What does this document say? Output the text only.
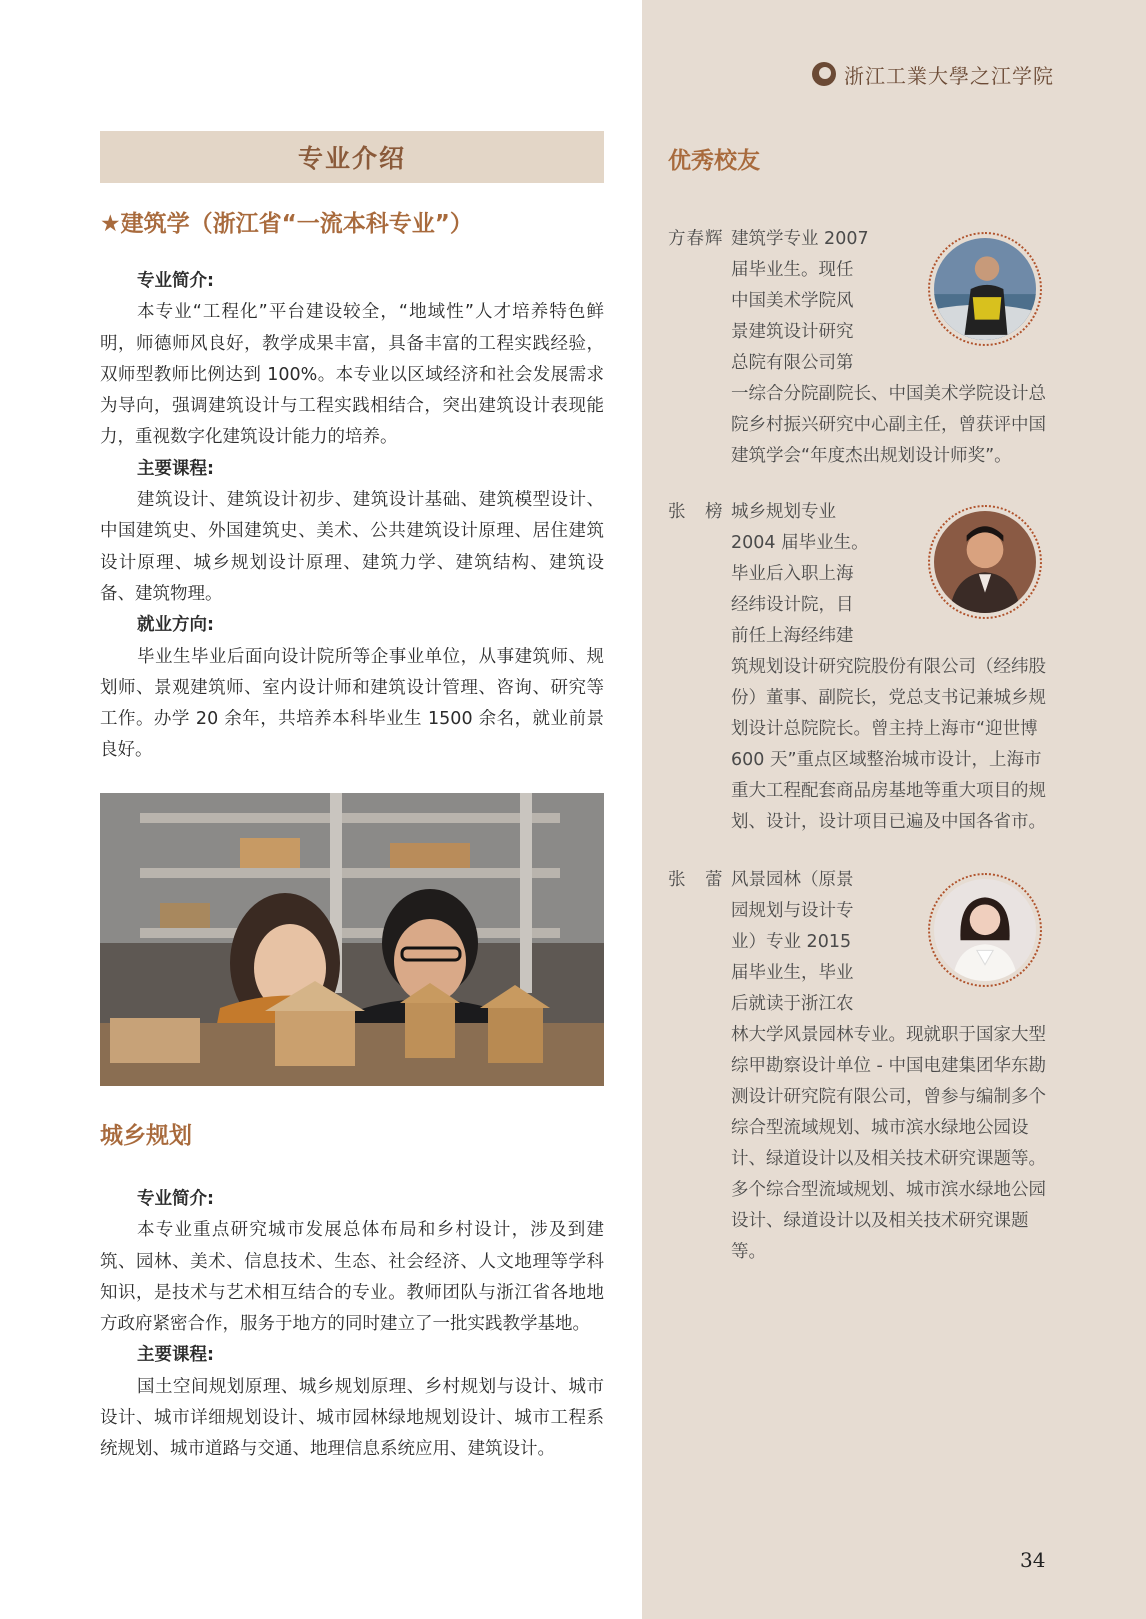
浙江工業大學之江学院
专业介绍
★建筑学（浙江省“一流本科专业”）
专业简介:

本专业“工程化”平台建设较全，“地域性”人才培养特色鲜明，师德师风良好，教学成果丰富，具备丰富的工程实践经验，双师型教师比例达到 100%。本专业以区域经济和社会发展需求为导向，强调建筑设计与工程实践相结合，突出建筑设计表现能力，重视数字化建筑设计能力的培养。

主要课程:

建筑设计、建筑设计初步、建筑设计基础、建筑模型设计、中国建筑史、外国建筑史、美术、公共建筑设计原理、居住建筑设计原理、城乡规划设计原理、建筑力学、建筑结构、建筑设备、建筑物理。

就业方向:

毕业生毕业后面向设计院所等企事业单位，从事建筑师、规划师、景观建筑师、室内设计师和建筑设计管理、咨询、研究等工作。办学 20 余年，共培养本科毕业生 1500 余名，就业前景良好。

城乡规划
专业简介:

本专业重点研究城市发展总体布局和乡村设计，涉及到建筑、园林、美术、信息技术、生态、社会经济、人文地理等学科知识，是技术与艺术相互结合的专业。教师团队与浙江省各地地方政府紧密合作，服务于地方的同时建立了一批实践教学基地。

主要课程:

国土空间规划原理、城乡规划原理、乡村规划与设计、城市设计、城市详细规划设计、城市园林绿地规划设计、城市工程系统规划、城市道路与交通、地理信息系统应用、建筑设计。

优秀校友
方春辉 建筑学专业 2007 届毕业生。现任中国美术学院风景建筑设计研究总院有限公司第一综合分院副院长、中国美术学院设计总院乡村振兴研究中心副主任，曾获评中国建筑学会“年度杰出规划设计师奖”。
张　榜 城乡规划专业 2004 届毕业生。毕业后入职上海经纬设计院，目前任上海经纬建筑规划设计研究院股份有限公司（经纬股份）董事、副院长，党总支书记兼城乡规划设计总院院长。曾主持上海市“迎世博 600 天”重点区域整治城市设计，上海市重大工程配套商品房基地等重大项目的规划、设计，设计项目已遍及中国各省市。
张　蕾 风景园林（原景园规划与设计专业）专业 2015 届毕业生，毕业后就读于浙江农林大学风景园林专业。现就职于国家大型综甲勘察设计单位 - 中国电建集团华东勘测设计研究院有限公司，曾参与编制多个综合型流域规划、城市滨水绿地公园设计、绿道设计以及相关技术研究课题等。多个综合型流域规划、城市滨水绿地公园设计、绿道设计以及相关技术研究课题等。
34
